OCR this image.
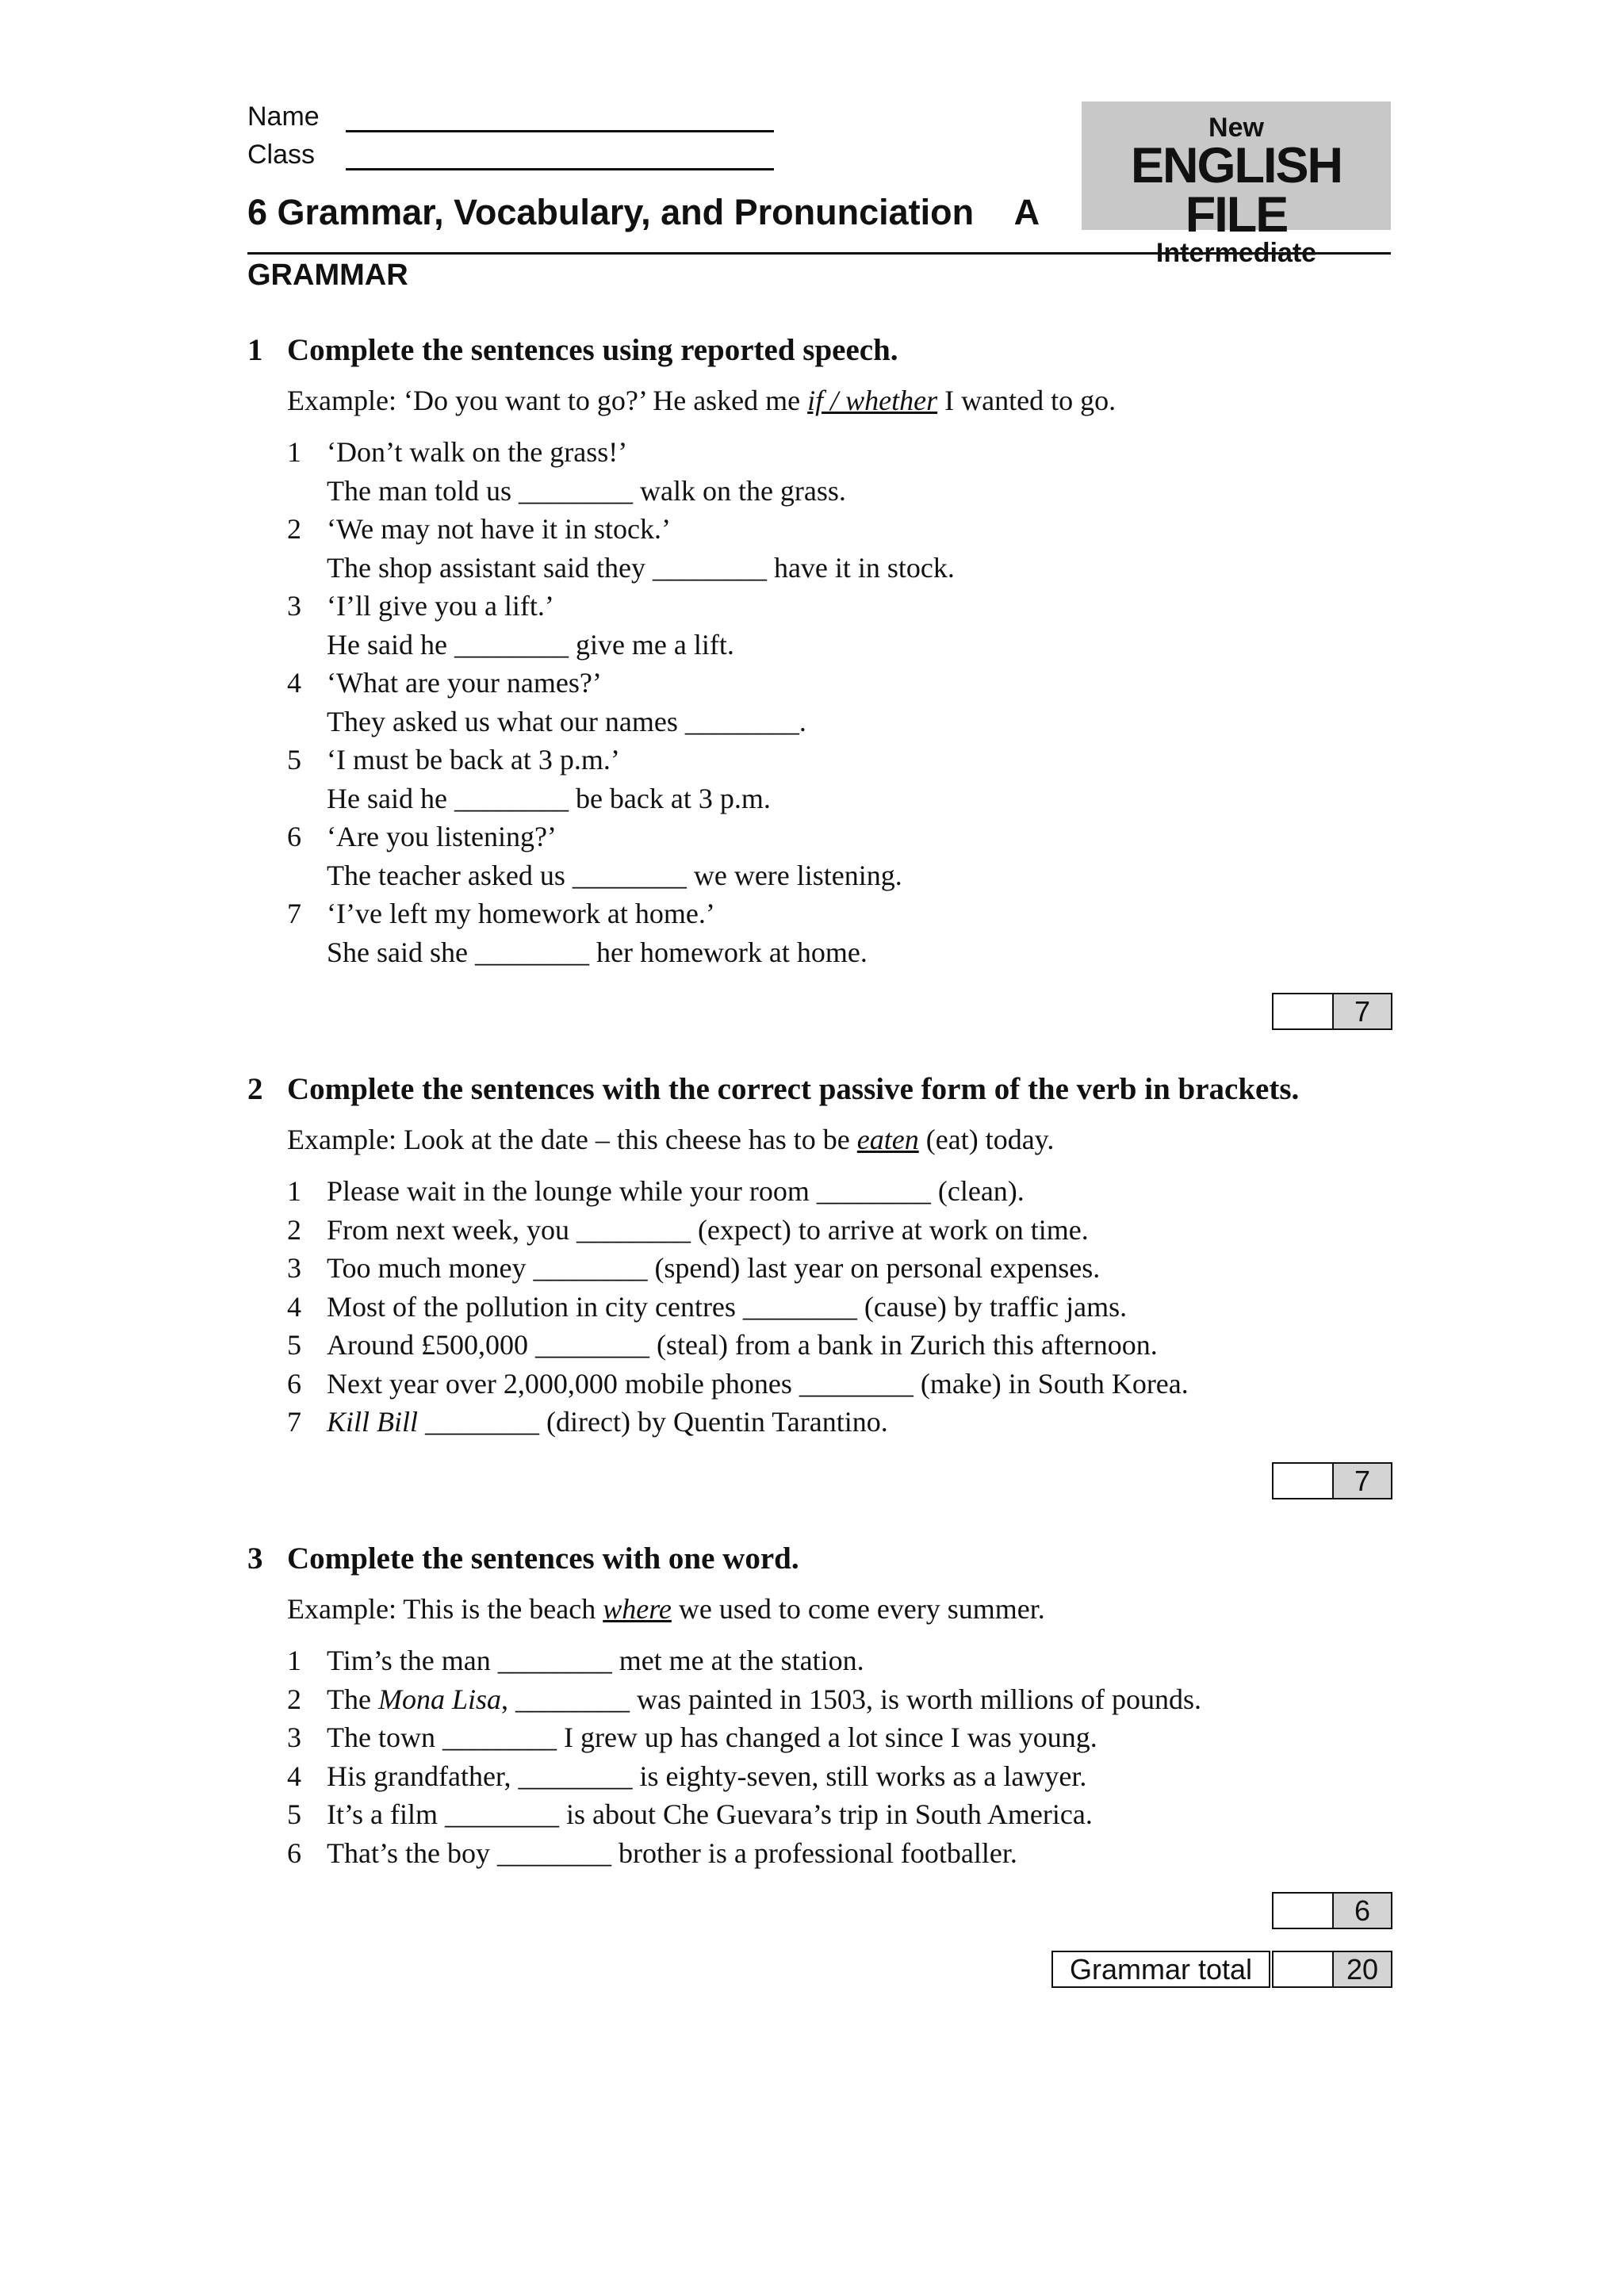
Name
Class
New
ENGLISH FILE
Intermediate
6 Grammar, Vocabulary, and Pronunciation A
GRAMMAR
1 Complete the sentences using reported speech.
Example: ‘Do you want to go?’ He asked me if / whether I wanted to go.
1 ‘Don’t walk on the grass!’
The man told us ________ walk on the grass.
2 ‘We may not have it in stock.’
The shop assistant said they ________ have it in stock.
3 ‘I’ll give you a lift.’
He said he ________ give me a lift.
4 ‘What are your names?’
They asked us what our names ________.
5 ‘I must be back at 3 p.m.’
He said he ________ be back at 3 p.m.
6 ‘Are you listening?’
The teacher asked us ________ we were listening.
7 ‘I’ve left my homework at home.’
She said she ________ her homework at home.
7
2 Complete the sentences with the correct passive form of the verb in brackets.
Example: Look at the date – this cheese has to be eaten (eat) today.
1 Please wait in the lounge while your room ________ (clean).
2 From next week, you ________ (expect) to arrive at work on time.
3 Too much money ________ (spend) last year on personal expenses.
4 Most of the pollution in city centres ________ (cause) by traffic jams.
5 Around £500,000 ________ (steal) from a bank in Zurich this afternoon.
6 Next year over 2,000,000 mobile phones ________ (make) in South Korea.
7 Kill Bill ________ (direct) by Quentin Tarantino.
7
3 Complete the sentences with one word.
Example: This is the beach where we used to come every summer.
1 Tim’s the man ________ met me at the station.
2 The Mona Lisa, ________ was painted in 1503, is worth millions of pounds.
3 The town ________ I grew up has changed a lot since I was young.
4 His grandfather, ________ is eighty-seven, still works as a lawyer.
5 It’s a film ________ is about Che Guevara’s trip in South America.
6 That’s the boy ________ brother is a professional footballer.
6
Grammar total	20
